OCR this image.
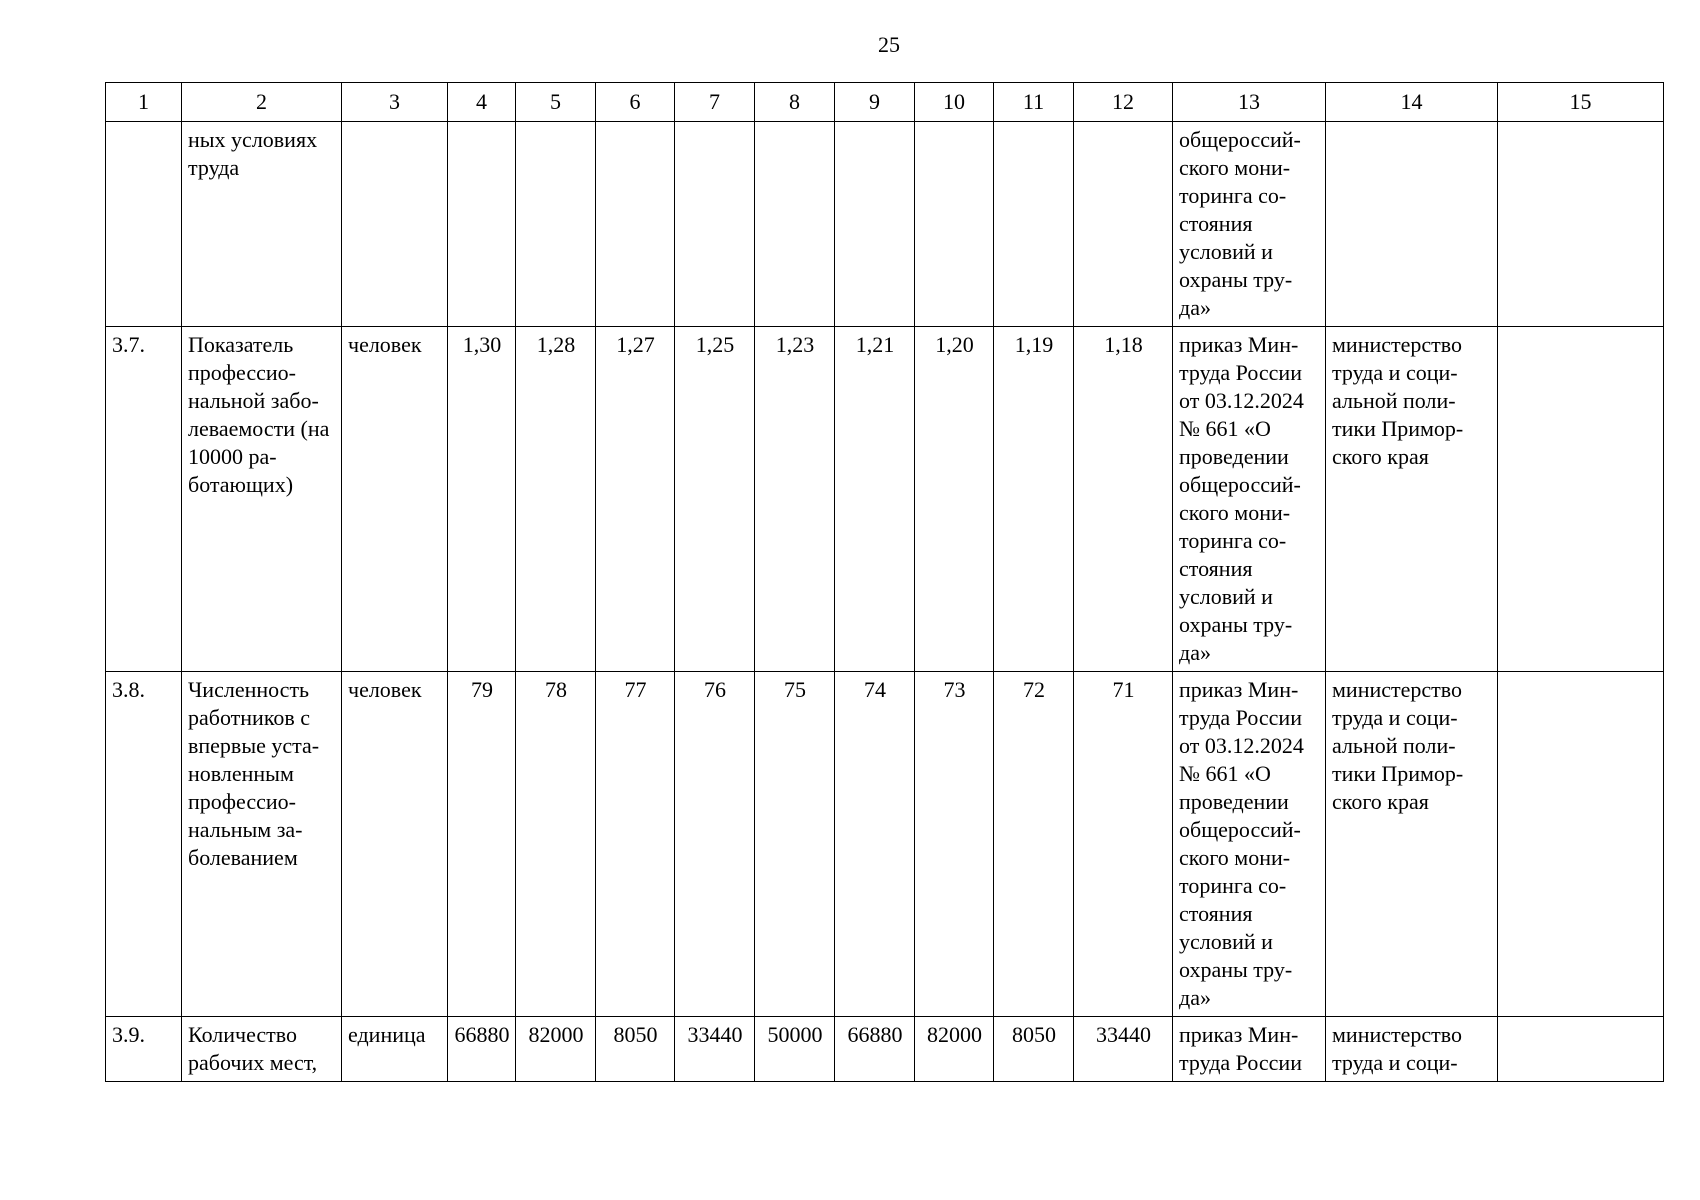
25
1	2	3	4	5	6	7	8	9	10	11	12	13	14	15
	ных условиях труда											общероссий-ского мони-торинга со-стояния условий и охраны тру-да»		
3.7.	Показатель профессио-нальной забо-леваемости (на 10000 ра-ботающих)	человек	1,30	1,28	1,27	1,25	1,23	1,21	1,20	1,19	1,18	приказ Мин-труда России от 03.12.2024 № 661 «О проведении общероссий-ского мони-торинга со-стояния условий и охраны тру-да»	министерство труда и соци-альной поли-тики Примор-ского края	
3.8.	Численность работников с впервые уста-новленным профессио-нальным за-болеванием	человек	79	78	77	76	75	74	73	72	71	приказ Мин-труда России от 03.12.2024 № 661 «О проведении общероссий-ского мони-торинга со-стояния условий и охраны тру-да»	министерство труда и соци-альной поли-тики Примор-ского края	
3.9.	Количество рабочих мест,	единица	66880	82000	8050	33440	50000	66880	82000	8050	33440	приказ Мин-труда России	министерство труда и соци-	
